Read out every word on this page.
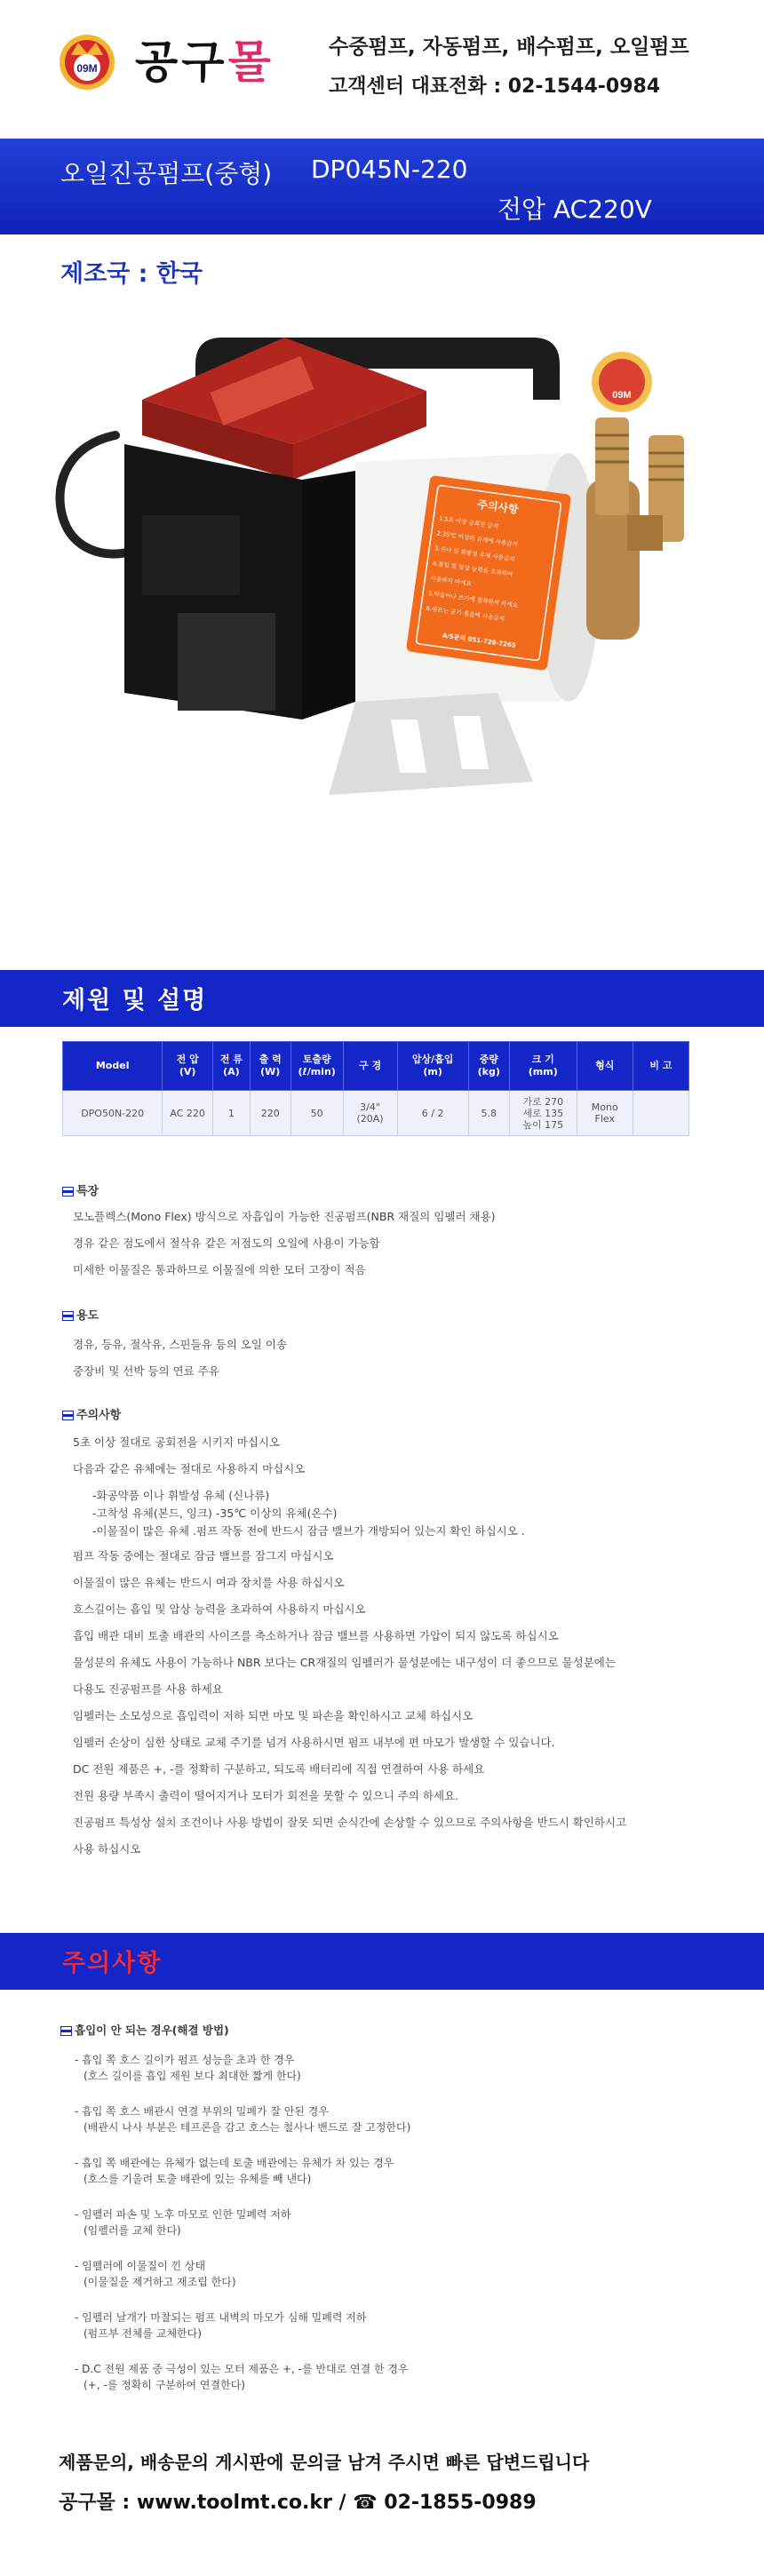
09M 공구몰	수중펌프, 자동펌프, 배수펌프, 오일펌프
고객센터 대표전화 : 02-1544-0984
오일진공펌프(중형) DP045N-220
전압 AC220V
제조국 : 한국
주의사항
1.5초 이상 공회전 금지
2.35℃ 이상의 유체에 사용금지
3.신나 및 휘발성 유체 사용금지
4.흡입 및 압상 능력을 초과하여
사용하지 마세요
5.박을이나 쓰기에 접촉하지 마세요
6.펌프는 공기 흡을에 사용금지
A/S문의 051-728-7265
09M
제원 및 설명
Model	전 압
(V)	전 류
(A)	출 력
(W)	토출량
(ℓ/min)	구 경	압상/흡입
(m)	중량
(kg)	크 기
(mm)	형식	비 고
DPO50N-220	AC 220	1	220	50	3/4"
(20A)	6 / 2	5.8	가로 270
세로 135
높이 175	Mono
Flex	
특장
모노플렉스(Mono Flex) 방식으로 자흡입이 가능한 진공펌프(NBR 재질의 임펠러 채용)
경유 같은 점도에서 절삭유 같은 저점도의 오일에 사용이 가능함
미세한 이물질은 통과하므로 이물질에 의한 모터 고장이 적음
용도
경유, 등유, 절삭유, 스핀들유 등의 오일 이송
중장비 및 선박 등의 연료 주유
주의사항
5초 이상 절대로 공회전을 시키지 마십시오
다음과 같은 유체에는 절대로 사용하지 마십시오
-화공약품 이나 휘발성 유체 (신나류)
-고착성 유체(본드, 잉크) -35℃ 이상의 유체(온수)
-이물질이 많은 유체 .펌프 작동 전에 반드시 잠금 밸브가 개방되어 있는지 확인 하십시오 .
펌프 작동 중에는 절대로 잠금 밸브를 잠그지 마십시오
이물질이 많은 유체는 반드시 여과 장치를 사용 하십시오
호스길이는 흡입 및 압상 능력을 초과하여 사용하지 마십시오
흡입 배관 대비 토출 배관의 사이즈를 축소하거나 잠금 밸브를 사용하면 가압이 되지 않도록 하십시오
물성분의 유체도 사용이 가능하나 NBR 보다는 CR재질의 임펠러가 물성분에는 내구성이 더 좋으므로 물성분에는
다용도 진공펌프를 사용 하세요
임펠러는 소모성으로 흡입력이 저하 되면 마모 및 파손을 확인하시고 교체 하십시오
임펠러 손상이 심한 상태로 교체 주기를 넘겨 사용하시면 펌프 내부에 편 마모가 발생할 수 있습니다.
DC 전원 제품은 +, -를 정확히 구분하고, 되도록 배터리에 직접 연결하여 사용 하세요
전원 용량 부족시 출력이 떨어지거나 모터가 회전을 못할 수 있으니 주의 하세요.
진공펌프 특성상 설치 조건이나 사용 방법이 잘못 되면 순식간에 손상할 수 있으므로 주의사항을 반드시 확인하시고
사용 하십시오
주의사항
흡입이 안 되는 경우(해결 방법)
- 흡입 쪽 호스 길이가 펌프 성능을 초과 한 경우
(호스 길이를 흡입 제원 보다 최대한 짧게 한다)
- 흡입 쪽 호스 배관시 연결 부위의 밀폐가 잘 안된 경우
(배관시 나사 부분은 테프론을 감고 호스는 철사나 밴드로 잘 고정한다)
- 흡입 쪽 배관에는 유체가 없는데 토출 배관에는 유체가 차 있는 경우
(호스를 기울려 토출 배관에 있는 유체를 빼 낸다)
- 임펠러 파손 및 노후 마모로 인한 밀폐력 저하
(임펠러를 교체 한다)
- 임펠러에 이물질이 낀 상태
(이물질을 제거하고 재조립 한다)
- 임펠러 날개가 마찰되는 펌프 내벽의 마모가 심해 밀폐력 저하
(펌프부 전체를 교체한다)
- D.C 전원 제품 중 극성이 있는 모터 제품은 +, -를 반대로 연결 한 경우
(+, -를 정확히 구분하여 연결한다)
제품문의, 배송문의 게시판에 문의글 남겨 주시면 빠른 답변드립니다
공구몰 : www.toolmt.co.kr / ☎ 02-1855-0989
